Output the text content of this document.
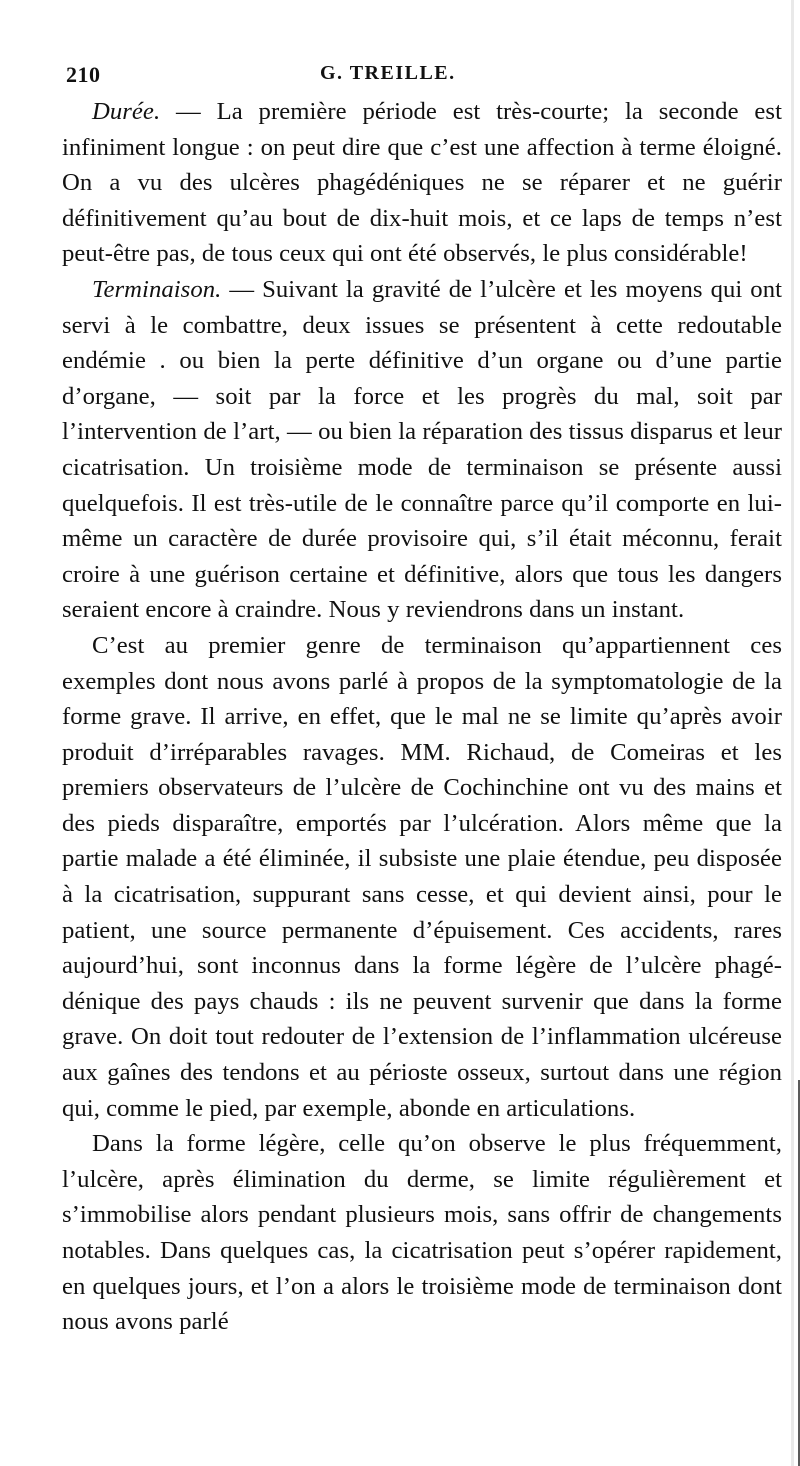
210	G. TREILLE.

Durée. — La première période est très-courte; la seconde est infiniment longue : on peut dire que c’est une affection à terme éloigné. On a vu des ulcères phagédéniques ne se réparer et ne guérir définitivement qu’au bout de dix-huit mois, et ce laps de temps n’est peut-être pas, de tous ceux qui ont été observés, le plus considérable!

Terminaison. — Suivant la gravité de l’ulcère et les moyens qui ont servi à le combattre, deux issues se présentent à cette redoutable endémie . ou bien la perte définitive d’un organe ou d’une partie d’organe, — soit par la force et les progrès du mal, soit par l’intervention de l’art, — ou bien la réparation des tissus disparus et leur cicatrisation. Un troisième mode de terminaison se présente aussi quelquefois. Il est très-utile de le connaître parce qu’il comporte en lui-même un caractère de durée provisoire qui, s’il était méconnu, ferait croire à une guérison certaine et définitive, alors que tous les dangers seraient encore à craindre. Nous y reviendrons dans un instant.

C’est au premier genre de terminaison qu’appartiennent ces exemples dont nous avons parlé à propos de la symptomatologie de la forme grave. Il arrive, en effet, que le mal ne se limite qu’après avoir produit d’irréparables ravages. MM. Richaud, de Comeiras et les premiers observateurs de l’ulcère de Cochinchine ont vu des mains et des pieds disparaître, emportés par l’ulcération. Alors même que la partie malade a été éliminée, il subsiste une plaie étendue, peu disposée à la cicatrisation, suppurant sans cesse, et qui devient ainsi, pour le patient, une source permanente d’épuisement. Ces accidents, rares aujourd’hui, sont inconnus dans la forme légère de l’ulcère phagédénique des pays chauds : ils ne peuvent survenir que dans la forme grave. On doit tout redouter de l’extension de l’inflammation ulcéreuse aux gaînes des tendons et au périoste osseux, surtout dans une région qui, comme le pied, par exemple, abonde en articulations.

Dans la forme légère, celle qu’on observe le plus fréquemment, l’ulcère, après élimination du derme, se limite régulièrement et s’immobilise alors pendant plusieurs mois, sans offrir de changements notables. Dans quelques cas, la cicatrisation peut s’opérer rapidement, en quelques jours, et l’on a alors le troisième mode de terminaison dont nous avons parlé
